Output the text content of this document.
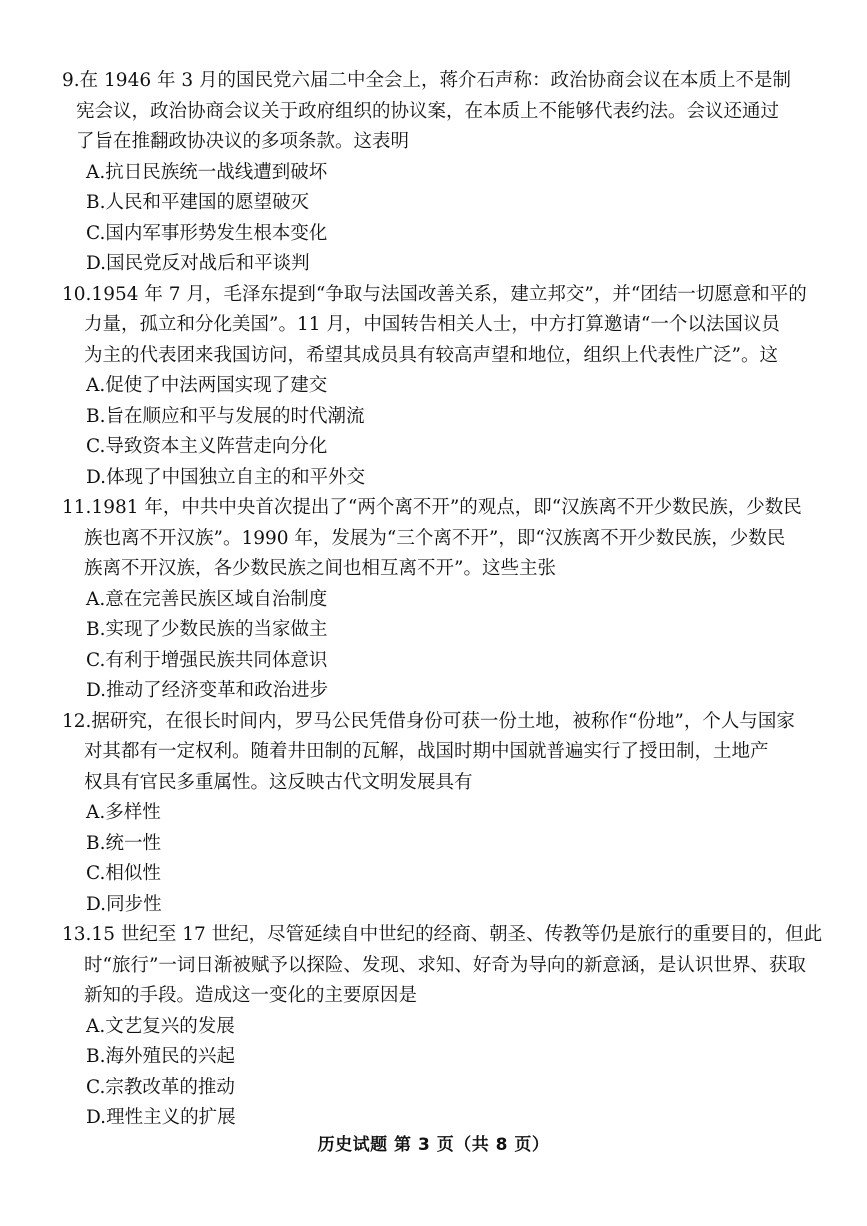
9.在 1946 年 3 月的国民党六届二中全会上，蒋介石声称：政治协商会议在本质上不是制
宪会议，政治协商会议关于政府组织的协议案，在本质上不能够代表约法。会议还通过
了旨在推翻政协决议的多项条款。这表明
A.抗日民族统一战线遭到破坏
B.人民和平建国的愿望破灭
C.国内军事形势发生根本变化
D.国民党反对战后和平谈判
10.1954 年 7 月，毛泽东提到“争取与法国改善关系，建立邦交”，并“团结一切愿意和平的
力量，孤立和分化美国”。11 月，中国转告相关人士，中方打算邀请“一个以法国议员
为主的代表团来我国访问，希望其成员具有较高声望和地位，组织上代表性广泛”。这
A.促使了中法两国实现了建交
B.旨在顺应和平与发展的时代潮流
C.导致资本主义阵营走向分化
D.体现了中国独立自主的和平外交
11.1981 年，中共中央首次提出了“两个离不开”的观点，即“汉族离不开少数民族，少数民
族也离不开汉族”。1990 年，发展为“三个离不开”，即“汉族离不开少数民族，少数民
族离不开汉族，各少数民族之间也相互离不开”。这些主张
A.意在完善民族区域自治制度
B.实现了少数民族的当家做主
C.有利于增强民族共同体意识
D.推动了经济变革和政治进步
12.据研究，在很长时间内，罗马公民凭借身份可获一份土地，被称作“份地”，个人与国家
对其都有一定权利。随着井田制的瓦解，战国时期中国就普遍实行了授田制，土地产
权具有官民多重属性。这反映古代文明发展具有
A.多样性
B.统一性
C.相似性
D.同步性
13.15 世纪至 17 世纪，尽管延续自中世纪的经商、朝圣、传教等仍是旅行的重要目的，但此
时“旅行”一词日渐被赋予以探险、发现、求知、好奇为导向的新意涵，是认识世界、获取
新知的手段。造成这一变化的主要原因是
A.文艺复兴的发展
B.海外殖民的兴起
C.宗教改革的推动
D.理性主义的扩展
历史试题 第 3 页（共 8 页）
